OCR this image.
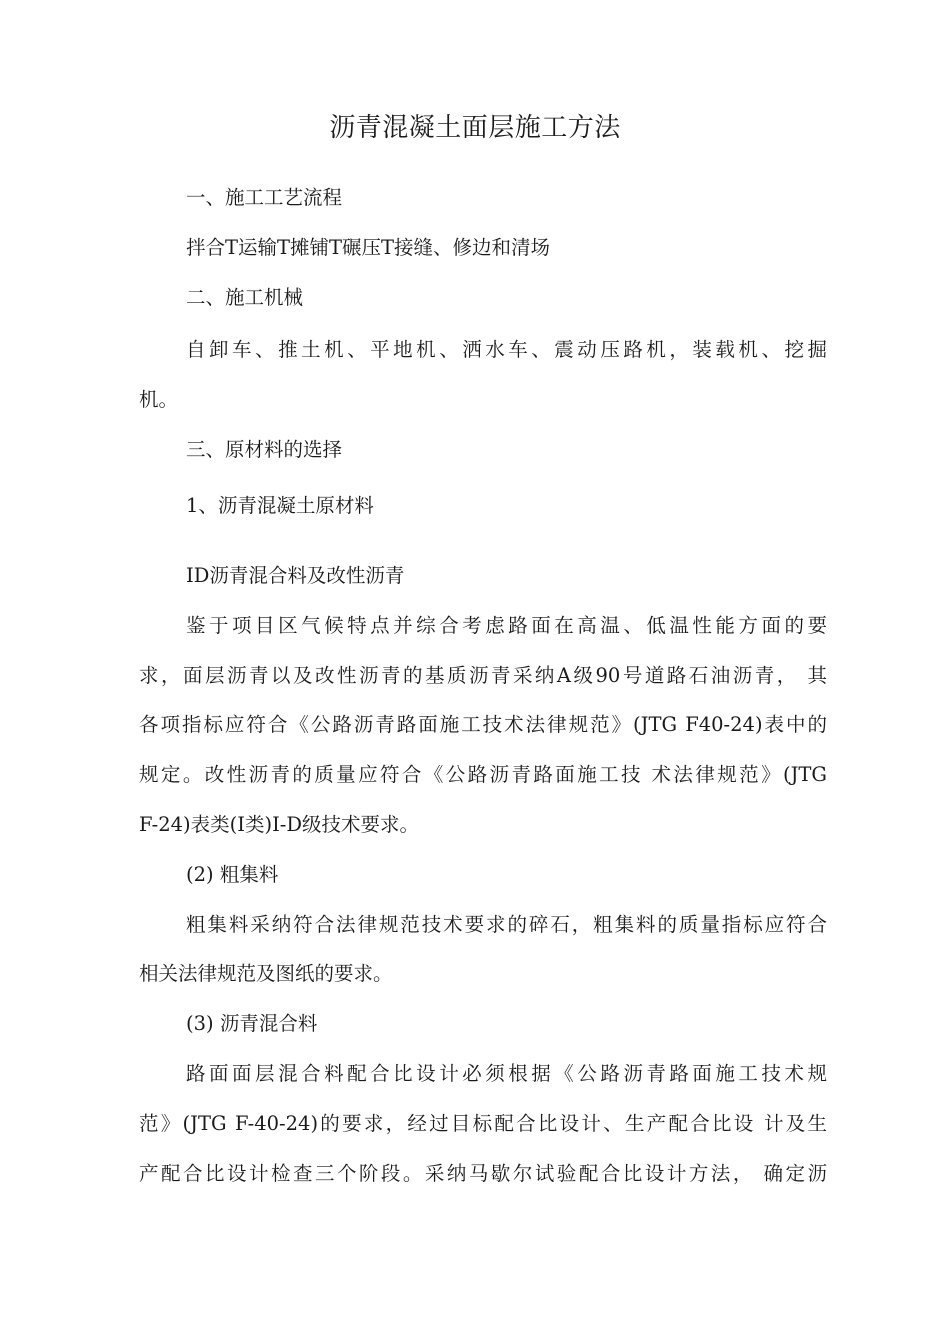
沥青混凝土面层施工方法
一、施工工艺流程
拌合T运输T摊铺T碾压T接缝、修边和清场
二、施工机械
自卸车、推土机、平地机、洒水车、震动压路机，装载机、挖掘
机。
三、原材料的选择
1、沥青混凝土原材料
ID沥青混合料及改性沥青
鉴于项目区气候特点并综合考虑路面在高温、低温性能方面的要
求，面层沥青以及改性沥青的基质沥青采纳A级90号道路石油沥青， 其
各项指标应符合《公路沥青路面施工技术法律规范》(JTG F40-24)表中的
规定。改性沥青的质量应符合《公路沥青路面施工技 术法律规范》(JTG
F-24)表类(I类)I-D级技术要求。
(2) 粗集料
粗集料采纳符合法律规范技术要求的碎石，粗集料的质量指标应符合
相关法律规范及图纸的要求。
(3) 沥青混合料
路面面层混合料配合比设计必须根据《公路沥青路面施工技术规
范》(JTG F-40-24)的要求，经过目标配合比设计、生产配合比设 计及生
产配合比设计检查三个阶段。采纳马歇尔试验配合比设计方法， 确定沥
